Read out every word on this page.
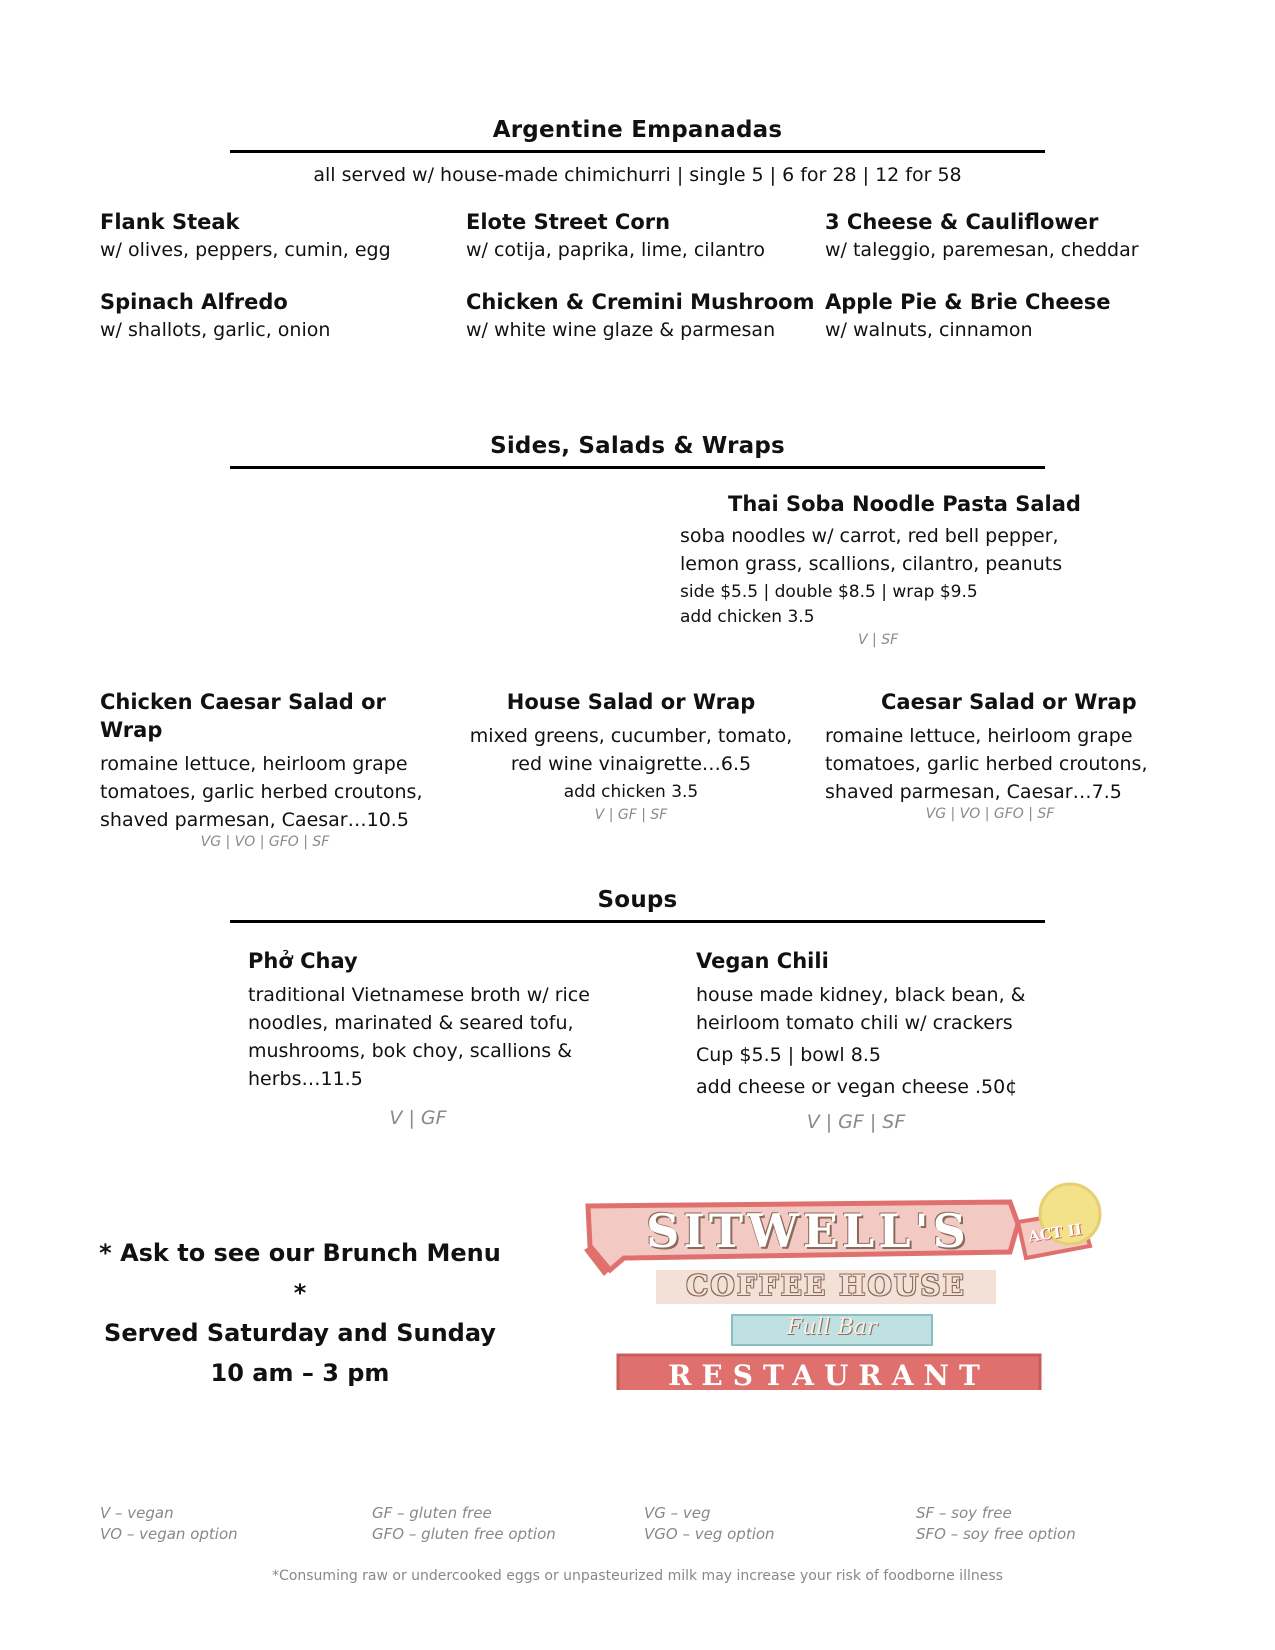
Argentine Empanadas
all served w/ house-made chimichurri | single 5 | 6 for 28 | 12 for 58
Flank Steak
w/ olives, peppers, cumin, egg
Elote Street Corn
w/ cotija, paprika, lime, cilantro
3 Cheese & Cauliflower
w/ taleggio, paremesan, cheddar
Spinach Alfredo
w/ shallots, garlic, onion
Chicken & Cremini Mushroom
w/ white wine glaze & parmesan
Apple Pie & Brie Cheese
w/ walnuts, cinnamon
Sides, Salads & Wraps
Thai Soba Noodle Pasta Salad
soba noodles w/ carrot, red bell pepper,
lemon grass, scallions, cilantro, peanuts
side $5.5 | double $8.5 | wrap $9.5
add chicken 3.5
V | SF
Chicken Caesar Salad or Wrap
romaine lettuce, heirloom grape
tomatoes, garlic herbed croutons,
shaved parmesan, Caesar…10.5
VG | VO | GFO | SF
House Salad or Wrap
mixed greens, cucumber, tomato,
red wine vinaigrette…6.5
add chicken 3.5
V | GF | SF
Caesar Salad or Wrap
romaine lettuce, heirloom grape
tomatoes, garlic herbed croutons,
shaved parmesan, Caesar…7.5
VG | VO | GFO | SF
Soups
Phở Chay
traditional Vietnamese broth w/ rice
noodles, marinated & seared tofu,
mushrooms, bok choy, scallions &
herbs…11.5
V | GF
Vegan Chili
house made kidney, black bean, &
heirloom tomato chili w/ crackers
Cup $5.5 | bowl 8.5
add cheese or vegan cheese .50¢
V | GF | SF
* Ask to see our Brunch Menu *
Served Saturday and Sunday
10 am – 3 pm
SITWELL'S
COFFEE HOUSE
Full Bar
RESTAURANT
ACT II
V – vegan
VO – vegan option
GF – gluten free
GFO – gluten free option
VG – veg
VGO – veg option
SF – soy free
SFO – soy free option
*Consuming raw or undercooked eggs or unpasteurized milk may increase your risk of foodborne illness
